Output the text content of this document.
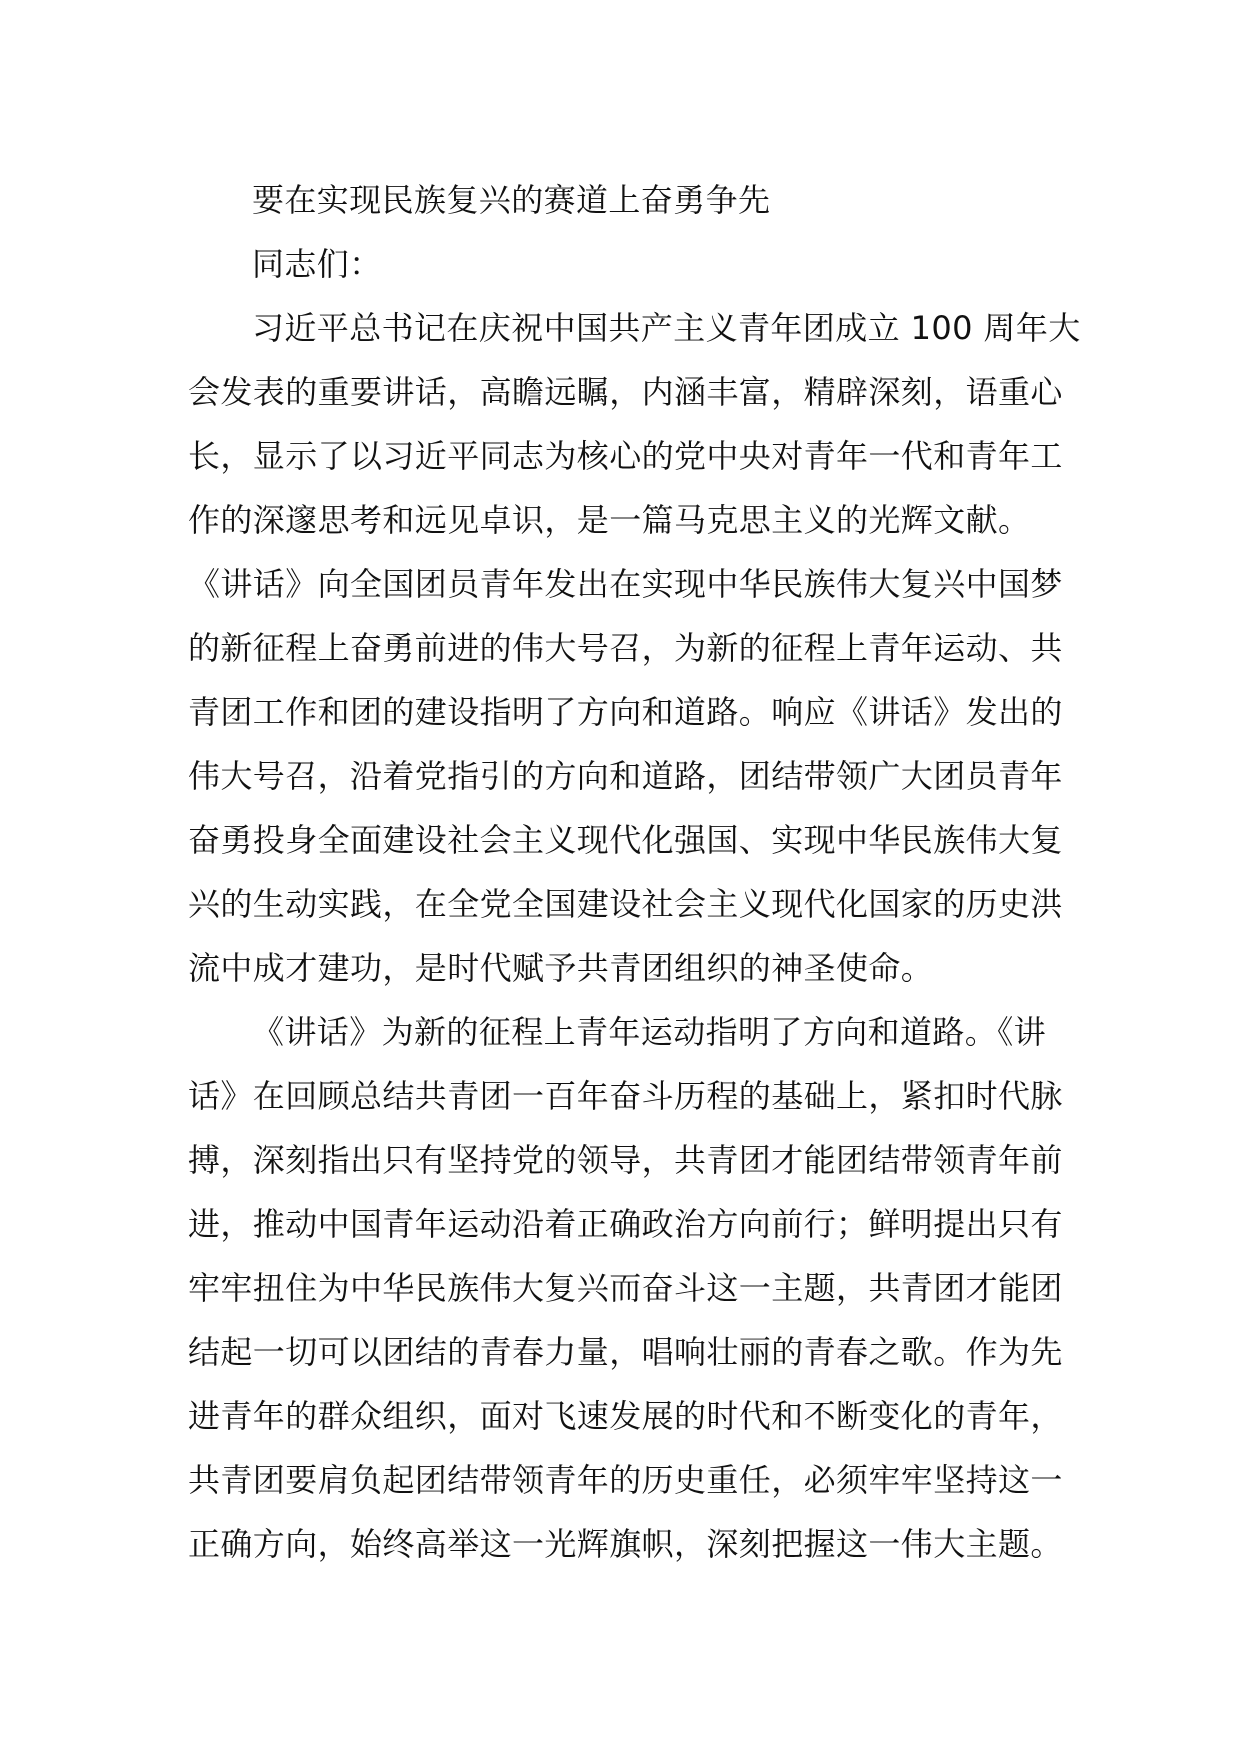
要在实现民族复兴的赛道上奋勇争先
同志们：
习近平总书记在庆祝中国共产主义青年团成立 100 周年大
会发表的重要讲话，高瞻远瞩，内涵丰富，精辟深刻，语重心
长，显示了以习近平同志为核心的党中央对青年一代和青年工
作的深邃思考和远见卓识，是一篇马克思主义的光辉文献。
《讲话》向全国团员青年发出在实现中华民族伟大复兴中国梦
的新征程上奋勇前进的伟大号召，为新的征程上青年运动、共
青团工作和团的建设指明了方向和道路。响应《讲话》发出的
伟大号召，沿着党指引的方向和道路，团结带领广大团员青年
奋勇投身全面建设社会主义现代化强国、实现中华民族伟大复
兴的生动实践，在全党全国建设社会主义现代化国家的历史洪
流中成才建功，是时代赋予共青团组织的神圣使命。
《讲话》为新的征程上青年运动指明了方向和道路。《讲
话》在回顾总结共青团一百年奋斗历程的基础上，紧扣时代脉
搏，深刻指出只有坚持党的领导，共青团才能团结带领青年前
进，推动中国青年运动沿着正确政治方向前行；鲜明提出只有
牢牢扭住为中华民族伟大复兴而奋斗这一主题，共青团才能团
结起一切可以团结的青春力量，唱响壮丽的青春之歌。作为先
进青年的群众组织，面对飞速发展的时代和不断变化的青年，
共青团要肩负起团结带领青年的历史重任，必须牢牢坚持这一
正确方向，始终高举这一光辉旗帜，深刻把握这一伟大主题。
